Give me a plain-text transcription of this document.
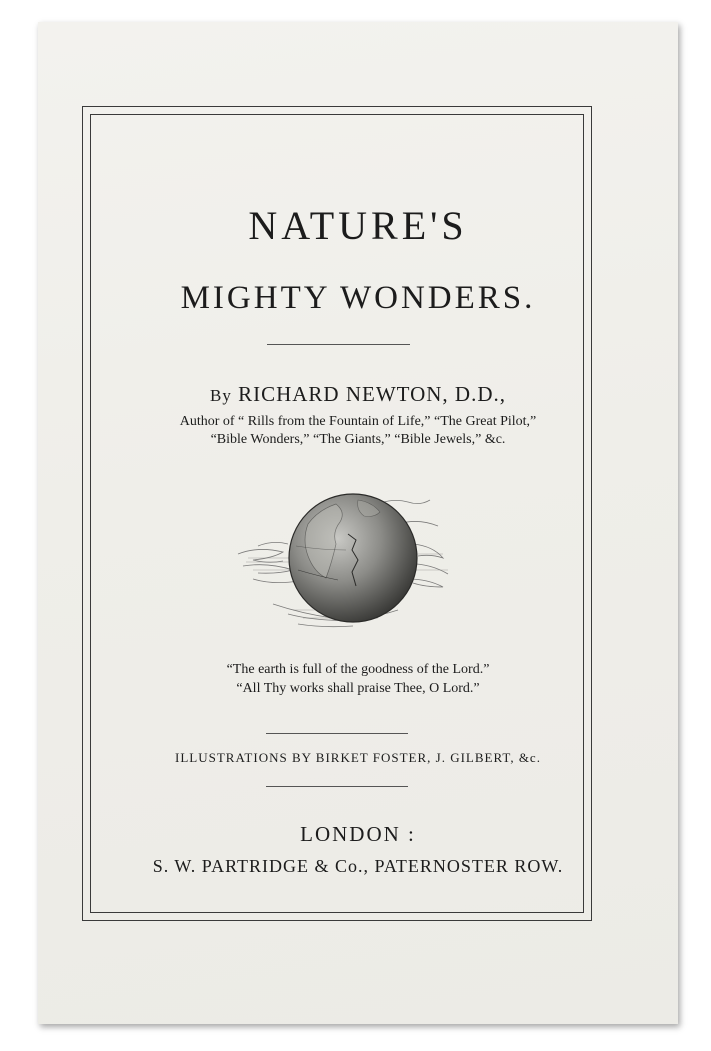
NATURE'S
MIGHTY WONDERS.
By RICHARD NEWTON, D.D.,
Author of “ Rills from the Fountain of Life,” “The Great Pilot,”
“Bible Wonders,” “The Giants,” “Bible Jewels,” &c.
“The earth is full of the goodness of the Lord.”
“All Thy works shall praise Thee, O Lord.”
ILLUSTRATIONS BY BIRKET FOSTER, J. GILBERT, &c.
LONDON :
S. W. PARTRIDGE & Co., PATERNOSTER ROW.
